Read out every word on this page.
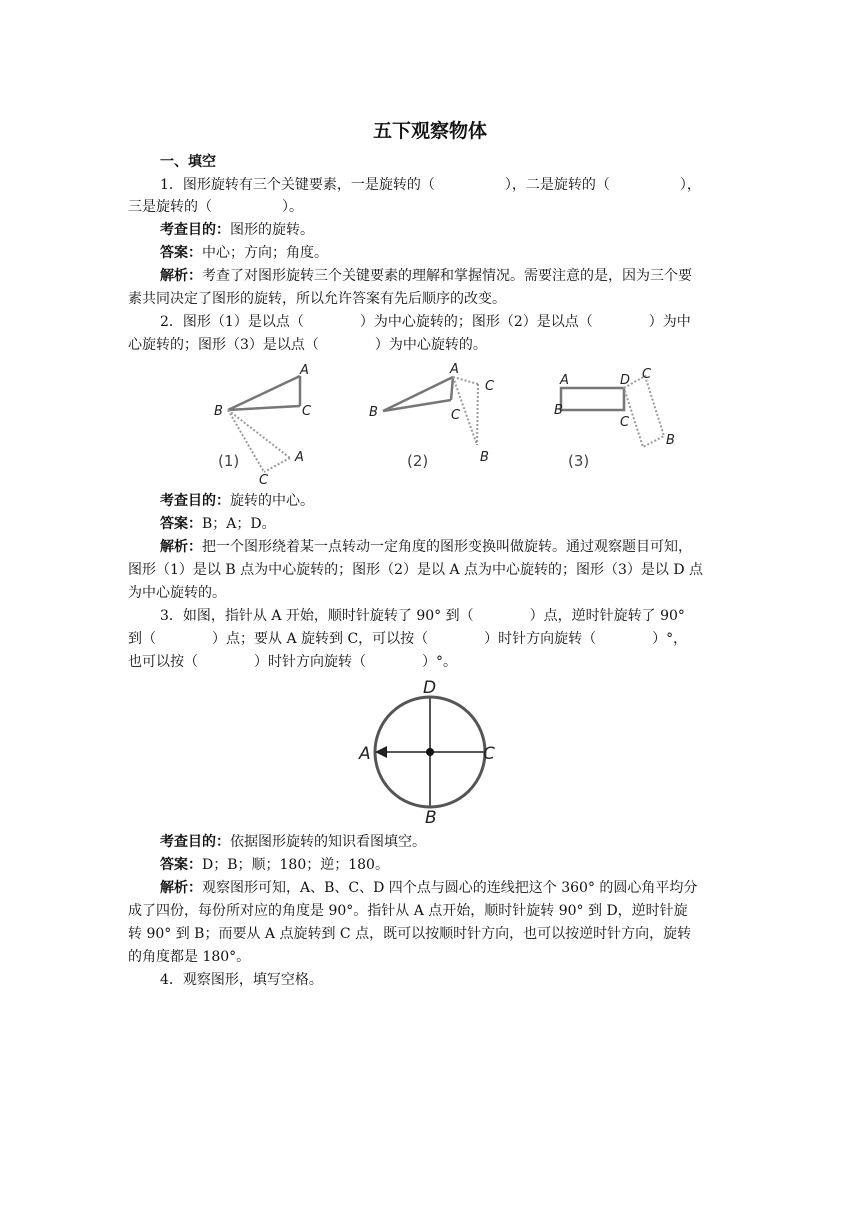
五下观察物体
一、填空
1．图形旋转有三个关键要素，一是旋转的（　　　　　），二是旋转的（　　　　　），
三是旋转的（　　　　　）。
考查目的：图形的旋转。
答案：中心；方向；角度。
解析：考查了对图形旋转三个关键要素的理解和掌握情况。需要注意的是，因为三个要
素共同决定了图形的旋转，所以允许答案有先后顺序的改变。
2．图形（1）是以点（　　　　）为中心旋转的；图形（2）是以点（　　　　）为中
心旋转的；图形（3）是以点（　　　　）为中心旋转的。
A
B	C
A
C
(1)
A
B	C
C
B
(2)
A	D
C
B
C
B
(3)
考查目的：旋转的中心。
答案：B；A；D。
解析：把一个图形绕着某一点转动一定角度的图形变换叫做旋转。通过观察题目可知，
图形（1）是以 B 点为中心旋转的；图形（2）是以 A 点为中心旋转的；图形（3）是以 D 点
为中心旋转的。
3．如图，指针从 A 开始，顺时针旋转了 90° 到（　　　　）点，逆时针旋转了 90°
到（　　　　）点；要从 A 旋转到 C，可以按（　　　　）时针方向旋转（　　　　）°，
也可以按（　　　　）时针方向旋转（　　　　）°。
D
A	C
B
考查目的：依据图形旋转的知识看图填空。
答案：D；B；顺；180；逆；180。
解析：观察图形可知，A、B、C、D 四个点与圆心的连线把这个 360° 的圆心角平均分
成了四份，每份所对应的角度是 90°。指针从 A 点开始，顺时针旋转 90° 到 D，逆时针旋
转 90° 到 B；而要从 A 点旋转到 C 点，既可以按顺时针方向，也可以按逆时针方向，旋转
的角度都是 180°。
4．观察图形，填写空格。
